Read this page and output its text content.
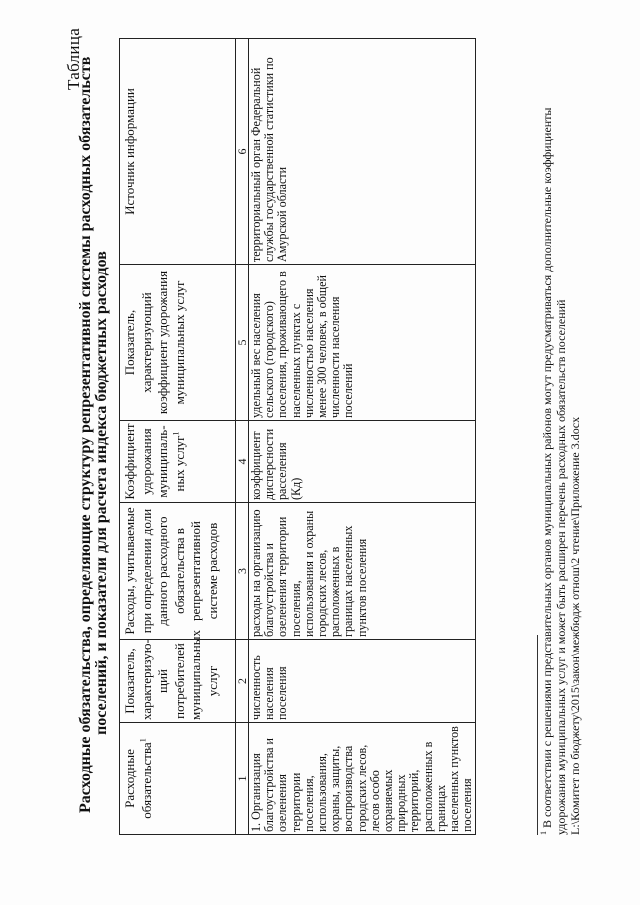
Таблица
Расходные обязательства, определяющие структуру репрезентативной системы расходных обязательств
поселений, и показатели для расчета индекса бюджетных расходов
Расходные обязательства$^1$	Показатель, характеризую-щий потребителей муниципальных услуг	Расходы, учитываемые при определении доли данного расходного обязательства в репрезентативной системе расходов	Коэффициент удорожания муниципаль-ных услуг$^1$	Показатель, характеризующий коэффициент удорожания муниципальных услуг	Источник информации
1	2	3	4	5	6
1. Организация благоустройства и озеленения территории поселения, использования, охраны, защиты, воспроизводства городских лесов, лесов особо охраняемых природных территорий, расположенных в границах населенных пунктов поселения	численность населения поселения	расходы на организацию благоустройства и озеленения территории поселения, использования и охраны городских лесов, расположенных в границах населенных пунктов поселения	коэффициент дисперсности расселения (Кд)	удельный вес населения сельского (городского) поселения, проживающего в населенных пунктах с численностью населения менее 300 человек, в общей численности населения поселений	территориальный орган Федеральной службы государственной статистики по Амурской области
$^1$ В соответствии с решениями представительных органов муниципальных районов могут предусматриваться дополнительные коэффициенты удорожания муниципальных услуг и может быть расширен перечень расходных обязательств поселений L:\Комитет по бюджету\2015\закон\межбюдж отнош\2 чтение\Приложение 3.docx
